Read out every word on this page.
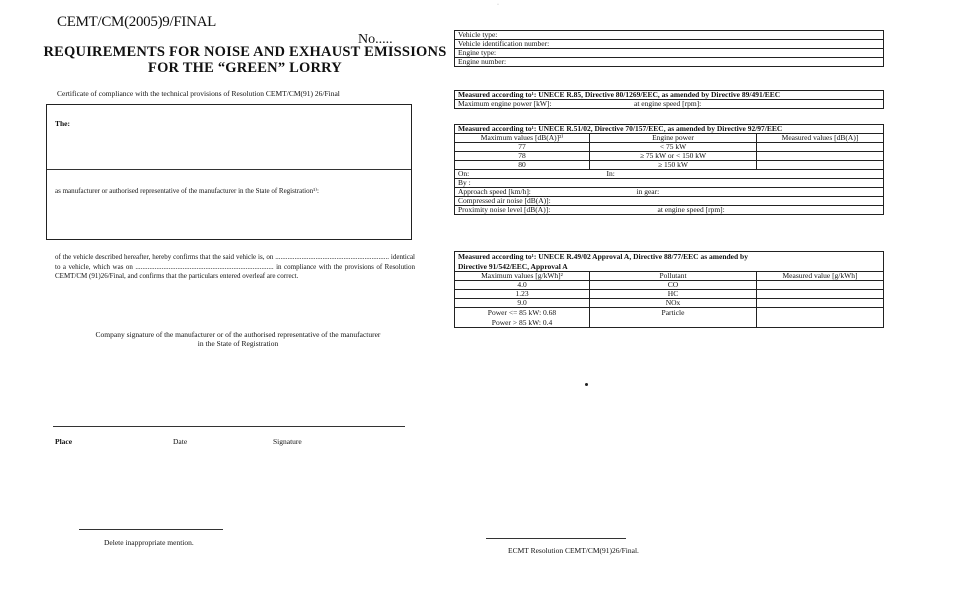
CEMT/CM(2005)9/FINAL
No.....
REQUIREMENTS FOR NOISE AND EXHAUST EMISSIONS
FOR THE “GREEN” LORRY
Certificate of compliance with the technical provisions of Resolution CEMT/CM(91) 26/Final
The:
as manufacturer or authorised representative of the manufacturer in the State of Registration¹⁾:
of the vehicle described hereafter, hereby confirms that the said vehicle is, on ................................................................. identical to a vehicle, which was on ............................................................................... in compliance with the provisions of Resolution CEMT/CM (91)26/Final, and confirms that the particulars entered overleaf are correct.
Company signature of the manufacturer or of the authorised representative of the manufacturer
in the State of Registration
Place	Date	Signature
Delete inappropriate mention.
·
Vehicle type:
Vehicle identification number:
Engine type:
Engine number:
Measured according to¹: UNECE R.85, Directive 80/1269/EEC, as amended by Directive 89/491/EEC
Maximum engine power [kW]:	at engine speed [rpm]:
Measured according to¹: UNECE R.51/02, Directive 70/157/EEC, as amended by Directive 92/97/EEC		
Maximum values [dB(A)]²⁾	Engine power	Measured values [dB(A)]
77	< 75 kW	
78	≥ 75 kW or < 150 kW	
80	≥ 150 kW	
On: In:		

By :		
Approach speed [km/h]: in gear:		

Compressed air noise [dB(A)]:		
Proximity noise level [dB(A)]: at engine speed [rpm]:		
Measured according to¹: UNECE R.49/02 Approval A, Directive 88/77/EEC as amended by
Directive 91/542/EEC, Approval A		

Maximum values [g/kWh]²	Pollutant	Measured value [g/kWh]
4.0	CO	
1.23	HC	
9.0	NOx	

Power <= 85 kW: 0.68
Power > 85 kW: 0.4	Particle	
ECMT Resolution CEMT/CM(91)26/Final.
